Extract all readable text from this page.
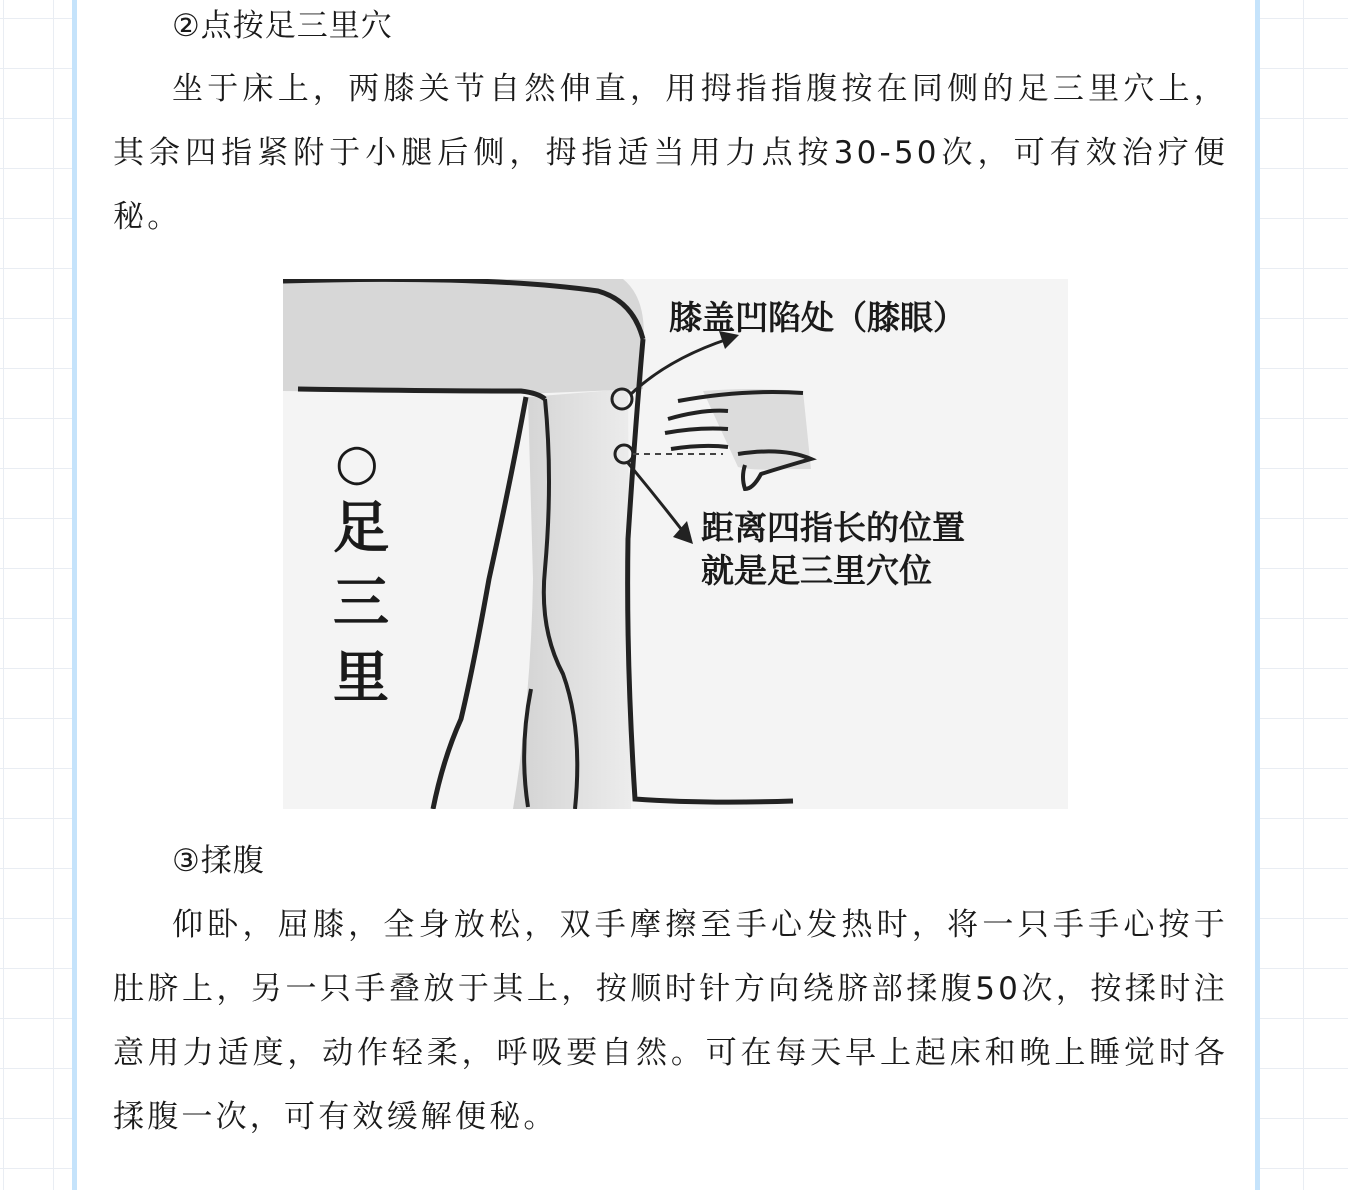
②点按足三里穴
坐于床上，两膝关节自然伸直，用拇指指腹按在同侧的足三里穴上，其余四指紧附于小腿后侧，拇指适当用力点按30-50次，可有效治疗便秘。
○
足
三
里
膝盖凹陷处（膝眼）
距离四指长的位置
就是足三里穴位
③揉腹
仰卧，屈膝，全身放松，双手摩擦至手心发热时，将一只手手心按于肚脐上，另一只手叠放于其上，按顺时针方向绕脐部揉腹50次，按揉时注意用力适度，动作轻柔，呼吸要自然。可在每天早上起床和晚上睡觉时各揉腹一次，可有效缓解便秘。
